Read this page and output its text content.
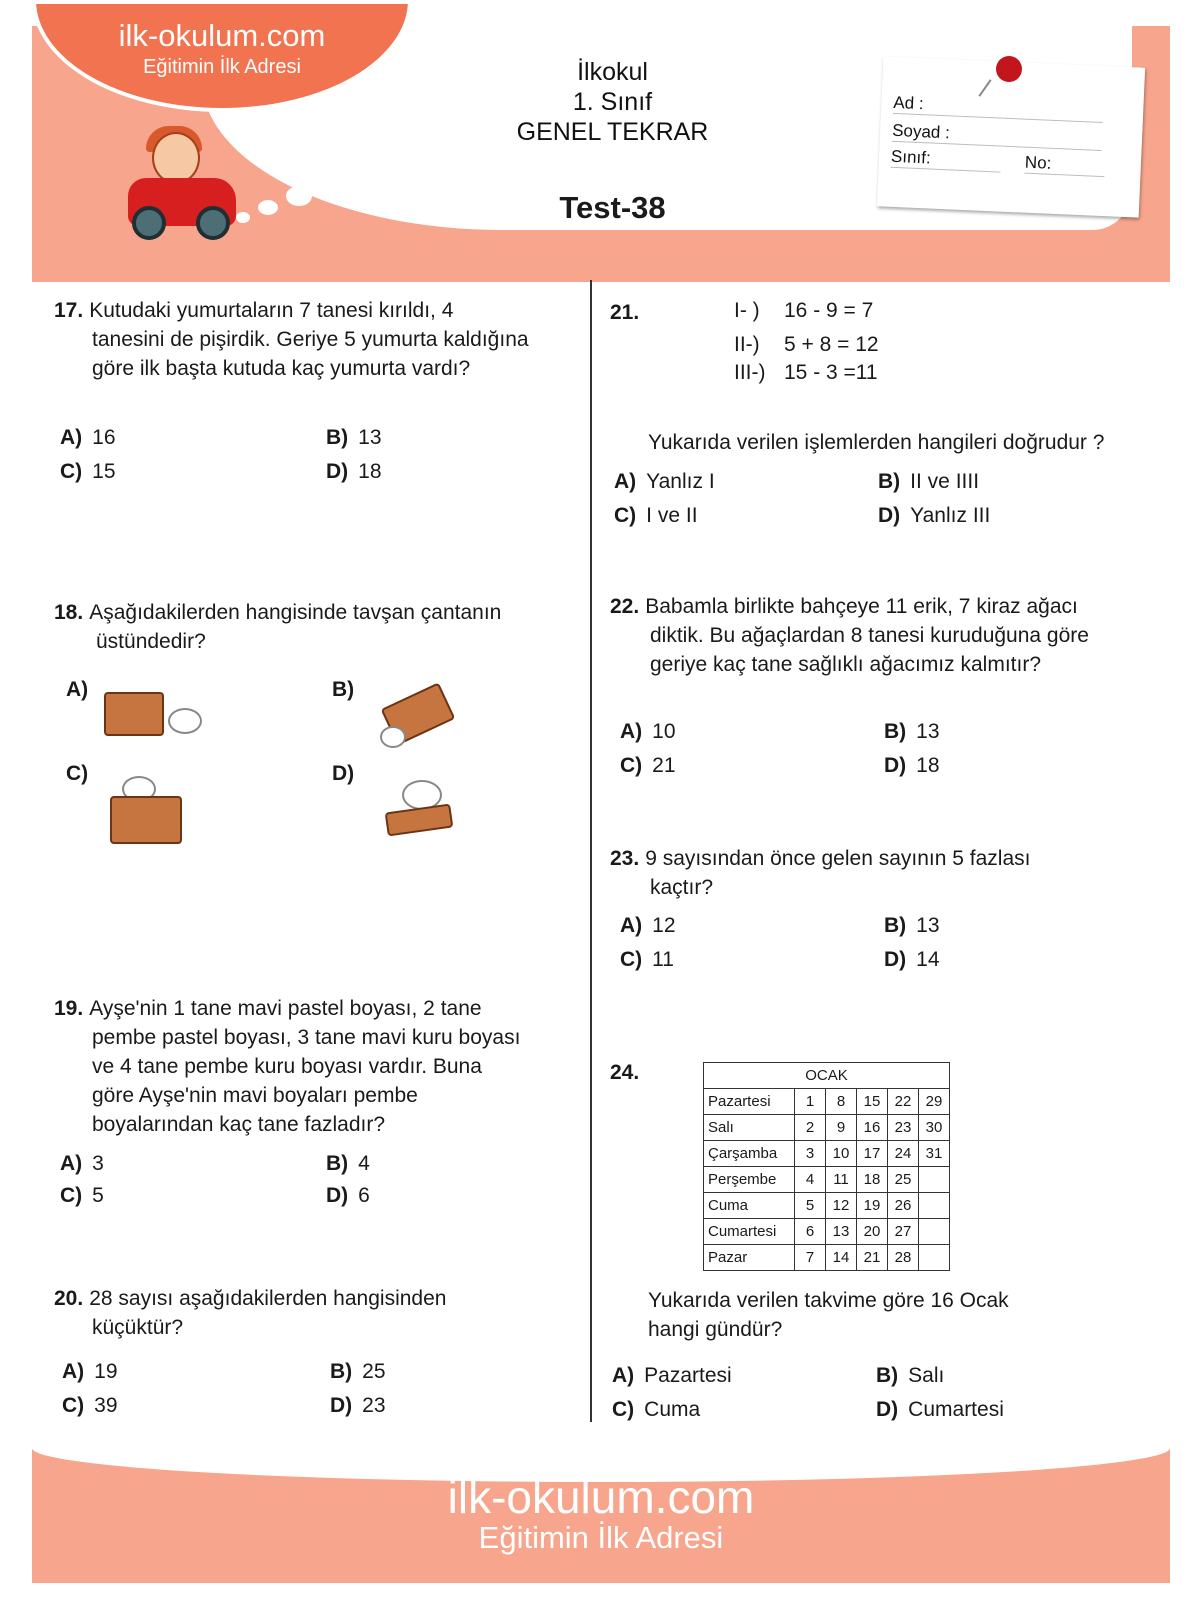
ilk-okulum.com
Eğitimin İlk Adresi	İlkokul
1. Sınıf
GENEL TEKRAR
Test-38
Ad :
Soyad :
Sınıf:	No:
17. Kutudaki yumurtaların 7 tanesi kırıldı, 4
tanesini de pişirdik. Geriye 5 yumurta kaldığına
göre ilk başta kutuda kaç yumurta vardı?
A) 16	B) 13
C) 15	D) 18
18. Aşağıdakilerden hangisinde tavşan çantanın
üstündedir?
A)	B)
C)	D)
19. Ayşe'nin 1 tane mavi pastel boyası, 2 tane
pembe pastel boyası, 3 tane mavi kuru boyası
ve 4 tane pembe kuru boyası vardır. Buna
göre Ayşe'nin mavi boyaları pembe
boyalarından kaç tane fazladır?
A) 3	B) 4
C) 5	D) 6
20. 28 sayısı aşağıdakilerden hangisinden
küçüktür?
A) 19	B) 25
C) 39	D) 23
21.	I- ) 16 - 9 = 7
II-) 5 + 8 = 12
III-) 15 - 3 =11
Yukarıda verilen işlemlerden hangileri doğrudur ?
A) Yanlız I	B) II ve IIII
C) I ve II	D) Yanlız III
22. Babamla birlikte bahçeye 11 erik, 7 kiraz ağacı
diktik. Bu ağaçlardan 8 tanesi kuruduğuna göre
geriye kaç tane sağlıklı ağacımız kalmıtır?
A) 10	B) 13
C) 21	D) 18
23. 9 sayısından önce gelen sayının 5 fazlası
kaçtır?
A) 12	B) 13
C) 11	D) 14
24.	OCAK					
Pazartesi	1	8	15	22	29
Salı	2	9	16	23	30
Çarşamba	3	10	17	24	31
Perşembe	4	11	18	25	
Cuma	5	12	19	26	
Cumartesi	6	13	20	27	
Pazar	7	14	21	28	
Yukarıda verilen takvime göre 16 Ocak
hangi gündür?
A) Pazartesi	B) Salı
C) Cuma	D) Cumartesi
ilk-okulum.com
Eğitimin İlk Adresi
